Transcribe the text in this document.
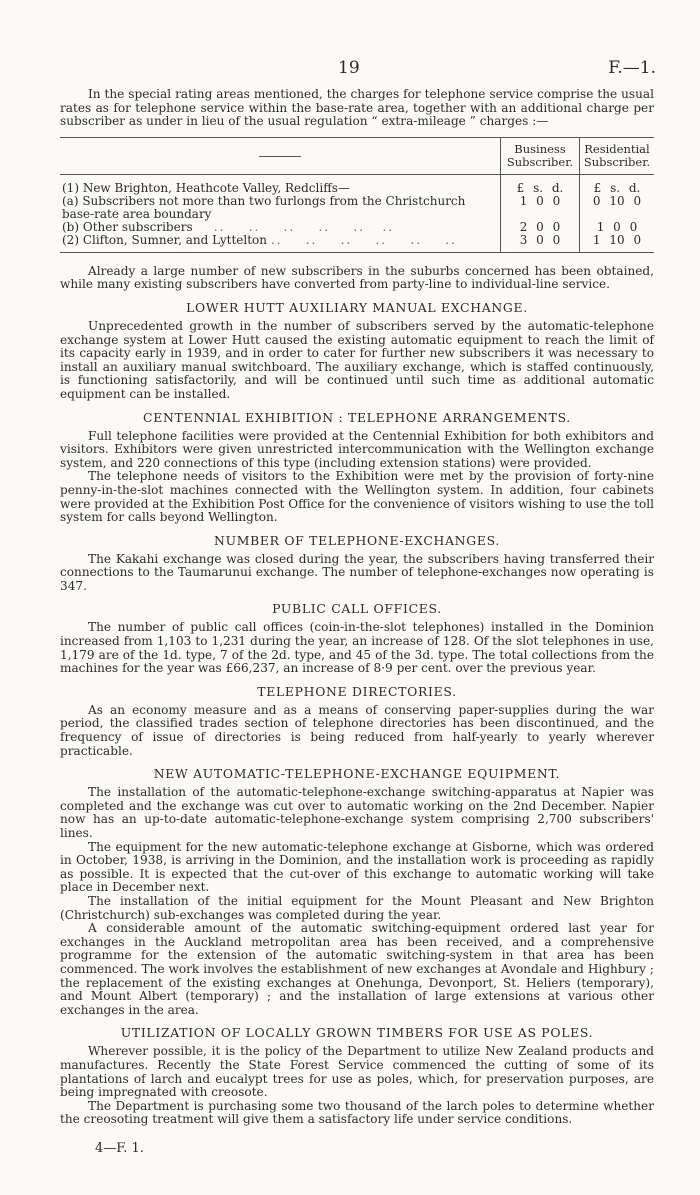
19	F.—1.

In the special rating areas mentioned, the charges for telephone service comprise the usual rates as for telephone service within the base-rate area, together with an additional charge per subscriber as under in lieu of the usual regulation “ extra-mileage ” charges :—

	Business Subscriber.	Residential Subscriber.
(1) New Brighton, Heathcote Valley, Redcliffs—	£ s. d.	£ s. d.
(a) Subscribers not more than two furlongs from the Christchurch	1 0 0	0 10 0
base-rate area boundary		
(b) Other subscribers    ..    ..    ..    ..    ..   ..	2 0 0	1 0 0
(2) Clifton, Sumner, and Lyttelton ..    ..    ..    ..    ..    ..	3 0 0	1 10 0

Already a large number of new subscribers in the suburbs concerned has been obtained, while many existing subscribers have converted from party-line to individual-line service.

LOWER HUTT AUXILIARY MANUAL EXCHANGE.

Unprecedented growth in the number of subscribers served by the automatic-telephone exchange system at Lower Hutt caused the existing automatic equipment to reach the limit of its capacity early in 1939, and in order to cater for further new subscribers it was necessary to install an auxiliary manual switchboard. The auxiliary exchange, which is staffed continuously, is functioning satisfactorily, and will be continued until such time as additional automatic equipment can be installed.

CENTENNIAL EXHIBITION : TELEPHONE ARRANGEMENTS.

Full telephone facilities were provided at the Centennial Exhibition for both exhibitors and visitors. Exhibitors were given unrestricted intercommunication with the Wellington exchange system, and 220 connections of this type (including extension stations) were provided.

The telephone needs of visitors to the Exhibition were met by the provision of forty-nine penny-in-the-slot machines connected with the Wellington system. In addition, four cabinets were provided at the Exhibition Post Office for the convenience of visitors wishing to use the toll system for calls beyond Wellington.

NUMBER OF TELEPHONE-EXCHANGES.

The Kakahi exchange was closed during the year, the subscribers having transferred their connections to the Taumarunui exchange. The number of telephone-exchanges now operating is 347.

PUBLIC CALL OFFICES.

The number of public call offices (coin-in-the-slot telephones) installed in the Dominion increased from 1,103 to 1,231 during the year, an increase of 128. Of the slot telephones in use, 1,179 are of the 1d. type, 7 of the 2d. type, and 45 of the 3d. type. The total collections from the machines for the year was £66,237, an increase of 8·9 per cent. over the previous year.

TELEPHONE DIRECTORIES.

As an economy measure and as a means of conserving paper-supplies during the war period, the classified trades section of telephone directories has been discontinued, and the frequency of issue of directories is being reduced from half-yearly to yearly wherever practicable.

NEW AUTOMATIC-TELEPHONE-EXCHANGE EQUIPMENT.

The installation of the automatic-telephone-exchange switching-apparatus at Napier was completed and the exchange was cut over to automatic working on the 2nd December. Napier now has an up-to-date automatic-telephone-exchange system comprising 2,700 subscribers' lines.

The equipment for the new automatic-telephone exchange at Gisborne, which was ordered in October, 1938, is arriving in the Dominion, and the installation work is proceeding as rapidly as possible. It is expected that the cut-over of this exchange to automatic working will take place in December next.

The installation of the initial equipment for the Mount Pleasant and New Brighton (Christchurch) sub-exchanges was completed during the year.

A considerable amount of the automatic switching-equipment ordered last year for exchanges in the Auckland metropolitan area has been received, and a comprehensive programme for the extension of the automatic switching-system in that area has been commenced. The work involves the establishment of new exchanges at Avondale and Highbury ; the replacement of the existing exchanges at Onehunga, Devonport, St. Heliers (temporary), and Mount Albert (temporary) ; and the installation of large extensions at various other exchanges in the area.

UTILIZATION OF LOCALLY GROWN TIMBERS FOR USE AS POLES.

Wherever possible, it is the policy of the Department to utilize New Zealand products and manufactures. Recently the State Forest Service commenced the cutting of some of its plantations of larch and eucalypt trees for use as poles, which, for preservation purposes, are being impregnated with creosote.

The Department is purchasing some two thousand of the larch poles to determine whether the creosoting treatment will give them a satisfactory life under service conditions.

4—F. 1.
